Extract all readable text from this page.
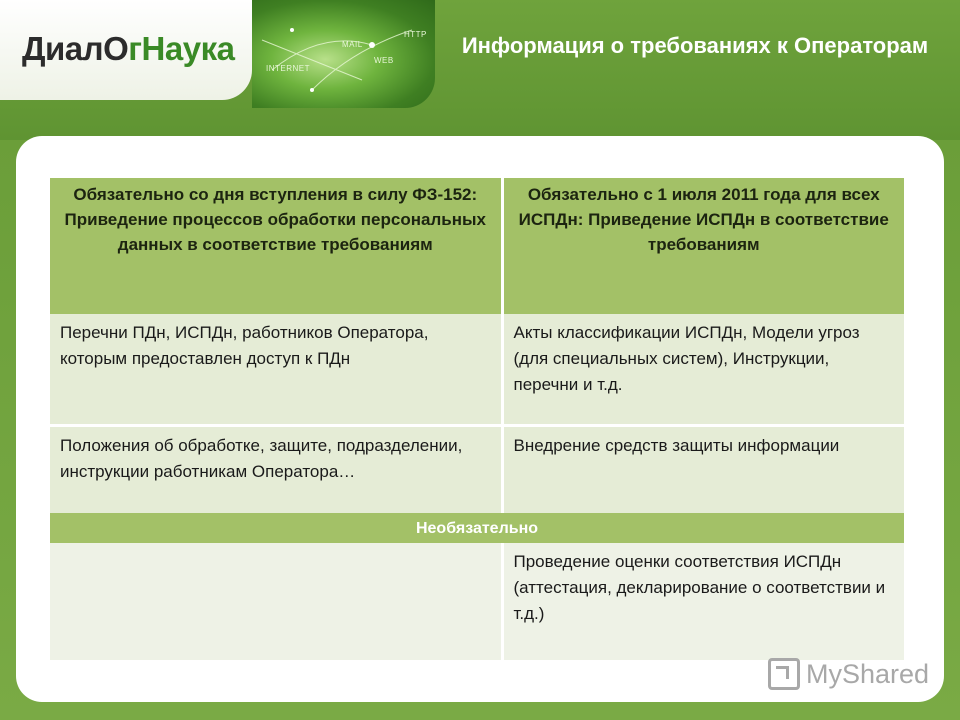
ДиалОгНаука	HTTP
MAIL
WEB
INTERNET
Информация о требованиях к Операторам
Обязательно со дня вступления в силу ФЗ-152: Приведение процессов обработки персональных данных в соответствие требованиям	Обязательно с 1 июля 2011 года для всех ИСПДн: Приведение ИСПДн в соответствие требованиям
Перечни ПДн, ИСПДн, работников Оператора, которым предоставлен доступ к ПДн	Акты классификации ИСПДн, Модели угроз (для специальных систем), Инструкции, перечни и т.д.
Положения об обработке, защите, подразделении, инструкции работникам Оператора…	Внедрение средств защиты информации
Необязательно	
	Проведение оценки соответствия ИСПДн (аттестация, декларирование о соответствии и т.д.)
MyShared
